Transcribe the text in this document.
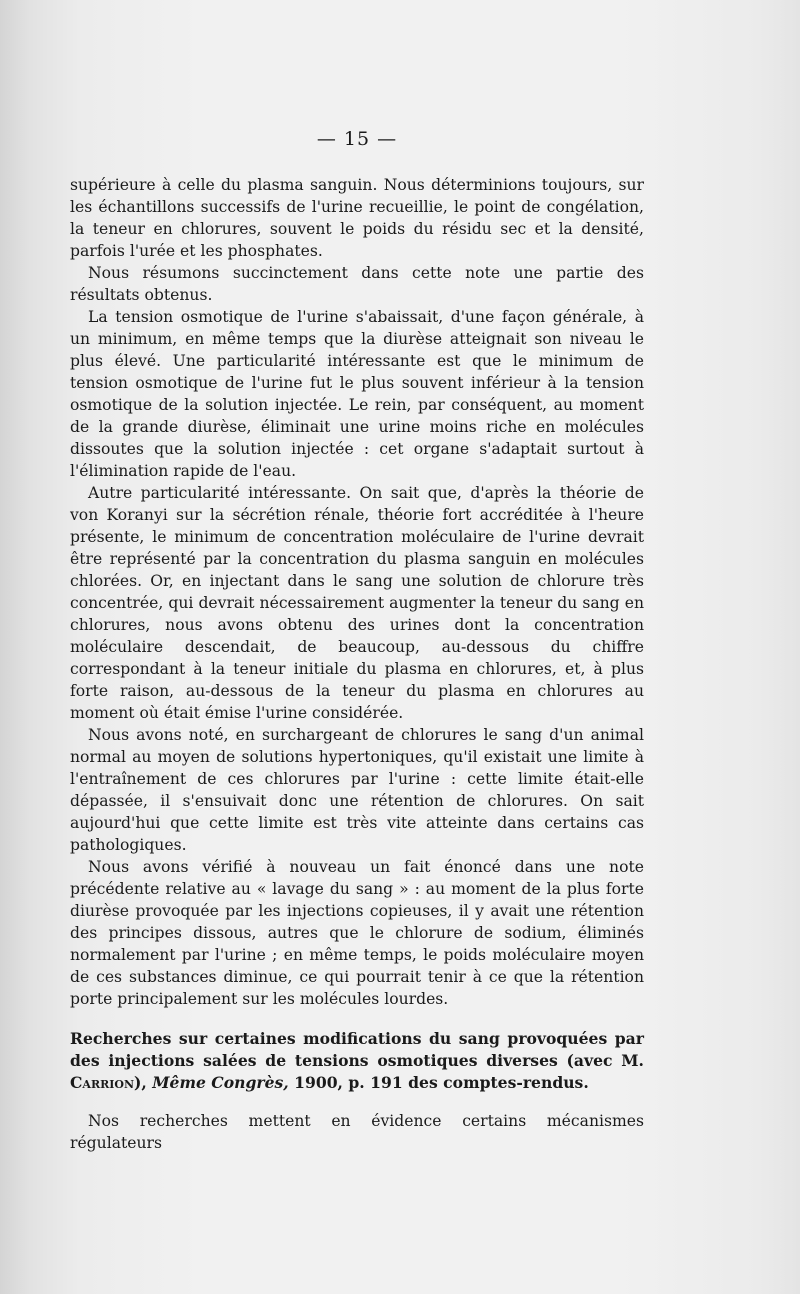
— 15 —

supérieure à celle du plasma sanguin. Nous déterminions toujours, sur les échantillons successifs de l'urine recueillie, le point de congélation, la teneur en chlorures, souvent le poids du résidu sec et la densité, parfois l'urée et les phosphates.

Nous résumons succinctement dans cette note une partie des résultats obtenus.

La tension osmotique de l'urine s'abaissait, d'une façon générale, à un minimum, en même temps que la diurèse atteignait son niveau le plus élevé. Une particularité intéressante est que le minimum de tension osmotique de l'urine fut le plus souvent inférieur à la tension osmotique de la solution injectée. Le rein, par conséquent, au moment de la grande diurèse, éliminait une urine moins riche en molécules dissoutes que la solution injectée : cet organe s'adaptait surtout à l'élimination rapide de l'eau.

Autre particularité intéressante. On sait que, d'après la théorie de von Koranyi sur la sécrétion rénale, théorie fort accréditée à l'heure présente, le minimum de concentration moléculaire de l'urine devrait être représenté par la concentration du plasma sanguin en molécules chlorées. Or, en injectant dans le sang une solution de chlorure très concentrée, qui devrait nécessairement augmenter la teneur du sang en chlorures, nous avons obtenu des urines dont la concentration moléculaire descendait, de beaucoup, au-dessous du chiffre correspondant à la teneur initiale du plasma en chlorures, et, à plus forte raison, au-dessous de la teneur du plasma en chlorures au moment où était émise l'urine considérée.

Nous avons noté, en surchargeant de chlorures le sang d'un animal normal au moyen de solutions hypertoniques, qu'il existait une limite à l'entraînement de ces chlorures par l'urine : cette limite était-elle dépassée, il s'ensuivait donc une rétention de chlorures. On sait aujourd'hui que cette limite est très vite atteinte dans certains cas pathologiques.

Nous avons vérifié à nouveau un fait énoncé dans une note précédente relative au « lavage du sang » : au moment de la plus forte diurèse provoquée par les injections copieuses, il y avait une rétention des principes dissous, autres que le chlorure de sodium, éliminés normalement par l'urine ; en même temps, le poids moléculaire moyen de ces substances diminue, ce qui pourrait tenir à ce que la rétention porte principalement sur les molécules lourdes.

Recherches sur certaines modifications du sang provoquées par des injections salées de tensions osmotiques diverses (avec M. Carrion), Même Congrès, 1900, p. 191 des comptes-rendus.

Nos recherches mettent en évidence certains mécanismes régulateurs
